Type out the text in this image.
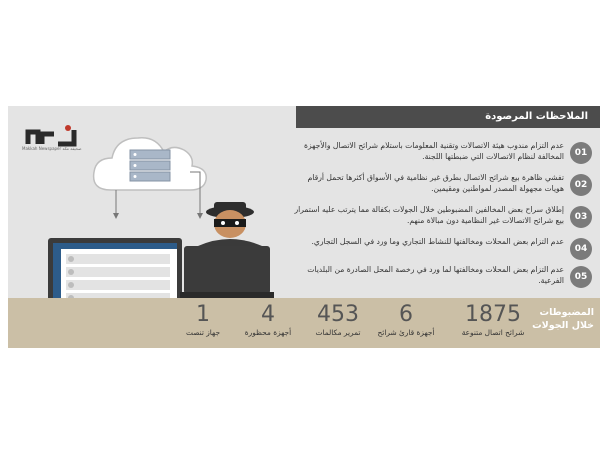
الملاحظات المرصودة
Makkah Newspaper صحيفة مكة	01
عدم التزام مندوب هيئة الاتصالات وتقنية المعلومات باستلام شرائح الاتصال والأجهزة المخالفة لنظام الاتصالات التي ضبطتها اللجنة.
02
تفشي ظاهرة بيع شرائح الاتصال بطرق غير نظامية في الأسواق أكثرها تحمل أرقام هويات مجهولة المصدر لمواطنين ومقيمين.
03
إطلاق سراح بعض المخالفين المضبوطين خلال الجولات بكفالة مما يترتب عليه استمرار بيع شرائح الاتصالات غير النظامية دون مبالاة منهم.
04
عدم التزام بعض المحلات ومخالفتها للنشاط التجاري وما ورد في السجل التجاري.
05
عدم التزام بعض المحلات ومخالفتها لما ورد في رخصة المحل الصادرة من البلديات الفرعية.
المضبوطات خلال الجولات
1875
شرائح اتصال متنوعة
6
أجهزة قارئ شرائح
453
تمرير مكالمات
4
أجهزة محظورة
1
جهاز تنصت
